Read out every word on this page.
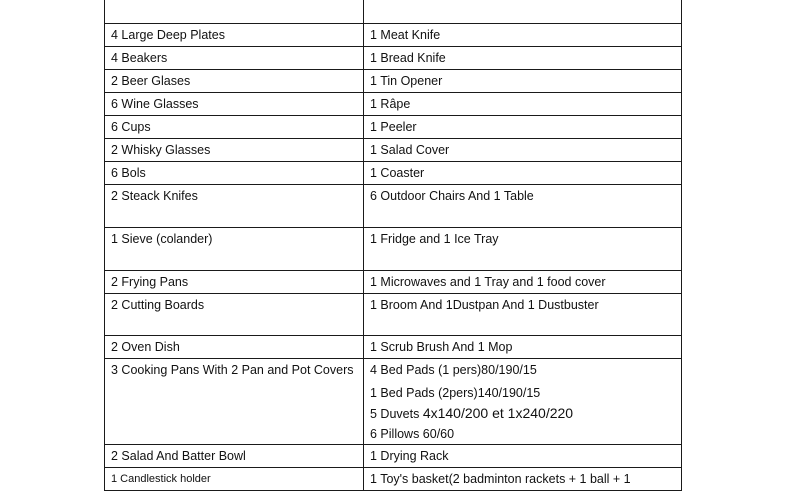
4 Large Deep Plates	1 Meat Knife
4 Beakers	1 Bread Knife
2 Beer Glases	1 Tin Opener
6 Wine Glasses	1 Râpe
6 Cups	1 Peeler
2 Whisky Glasses	1 Salad Cover
6 Bols	1 Coaster
2 Steack Knifes	6 Outdoor Chairs And 1 Table
1 Sieve (colander)	1 Fridge and 1 Ice Tray
2 Frying Pans	1 Microwaves and 1 Tray and 1 food cover
2 Cutting Boards	1 Broom And 1Dustpan And 1 Dustbuster
2 Oven Dish	1 Scrub Brush And 1 Mop
3 Cooking Pans With 2 Pan and Pot Covers	4 Bed Pads (1 pers)80/190/15
1 Bed Pads (2pers)140/190/15
5 Duvets 4x140/200 et 1x240/220
6 Pillows 60/60

2 Salad And Batter Bowl	1 Drying Rack
1 Candlestick holder	1 Toy's basket(2 badminton rackets + 1 ball + 1
